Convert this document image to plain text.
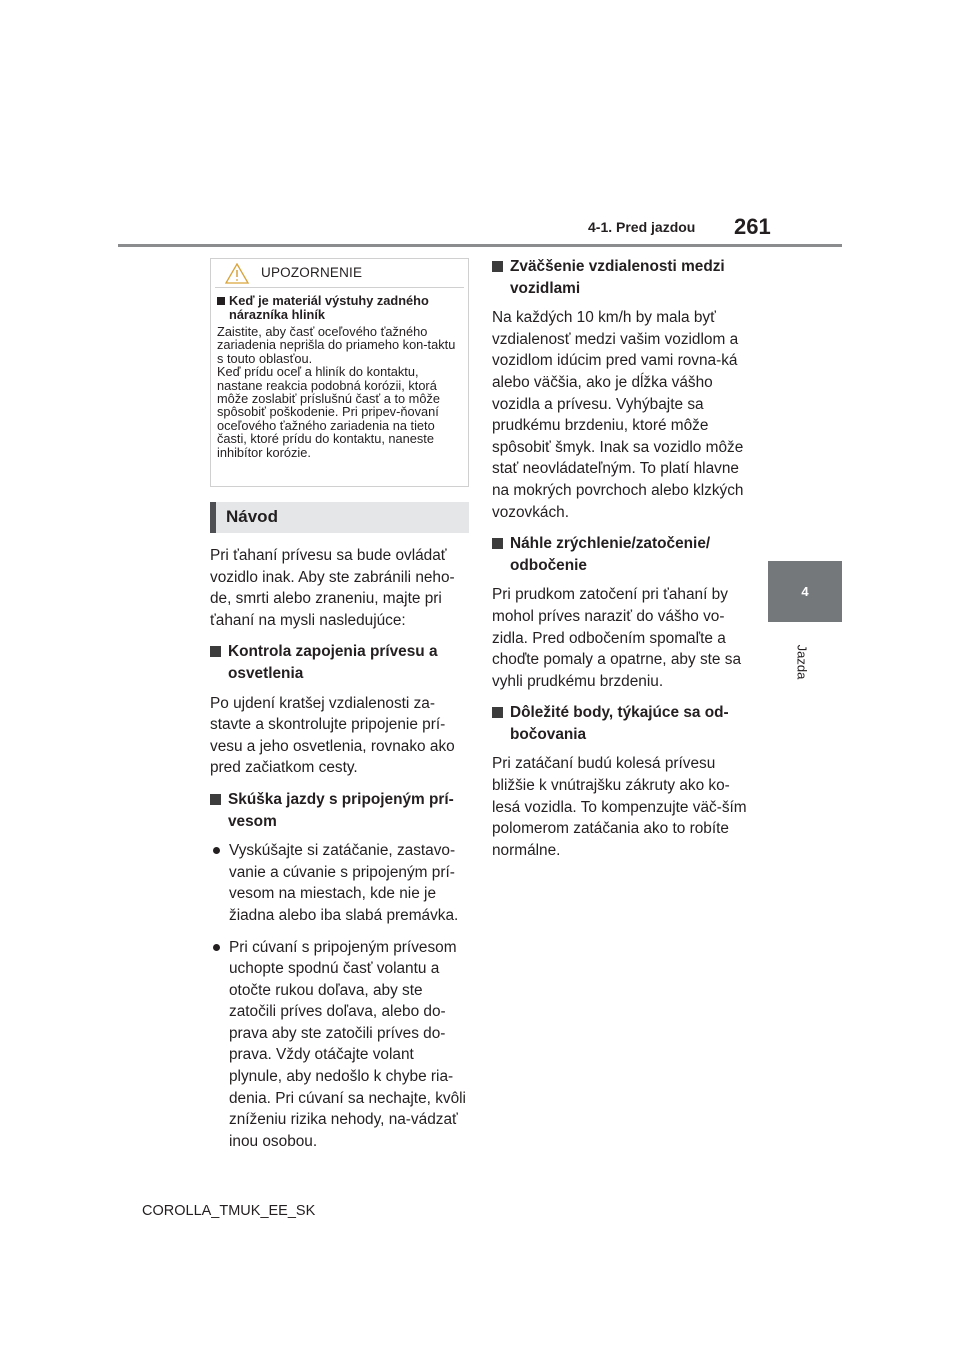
4-1. Pred jazdou 261
4
Jazda
UPOZORNENIE
Keď je materiál výstuhy zadného nárazníka hliník
Zaistite, aby časť oceľového ťažného zariadenia neprišla do priameho kon-taktu s touto oblasťou.
Keď prídu oceľ a hliník do kontaktu, nastane reakcia podobná korózii, ktorá môže zoslabiť príslušnú časť a to môže spôsobiť poškodenie. Pri pripev-ňovaní oceľového ťažného zariadenia na tieto časti, ktoré prídu do kontaktu, naneste inhibítor korózie.
Návod

Pri ťahaní prívesu sa bude ovládať vozidlo inak. Aby ste zabránili neho-de, smrti alebo zraneniu, majte pri ťahaní na mysli nasledujúce:

Kontrola zapojenia prívesu a osvetlenia

Po ujdení kratšej vzdialenosti za-stavte a skontrolujte pripojenie prí-vesu a jeho osvetlenia, rovnako ako pred začiatkom cesty.

Skúška jazdy s pripojeným prí-vesom
Vyskúšajte si zatáčanie, zastavo-vanie a cúvanie s pripojeným prí-vesom na miestach, kde nie je žiadna alebo iba slabá premávka.
Pri cúvaní s pripojeným prívesom uchopte spodnú časť volantu a otočte rukou doľava, aby ste zatočili príves doľava, alebo do-prava aby ste zatočili príves do-prava. Vždy otáčajte volant plynule, aby nedošlo k chybe ria-denia. Pri cúvaní sa nechajte, kvôli zníženiu rizika nehody, na-vádzať inou osobou.
Zväčšenie vzdialenosti medzi vozidlami

Na každých 10 km/h by mala byť vzdialenosť medzi vašim vozidlom a vozidlom idúcim pred vami rovna-ká alebo väčšia, ako je dĺžka vášho vozidla a prívesu. Vyhýbajte sa prudkému brzdeniu, ktoré môže spôsobiť šmyk. Inak sa vozidlo môže stať neovládateľným. To platí hlavne na mokrých povrchoch alebo klzkých vozovkách.

Náhle zrýchlenie/zatočenie/ odbočenie

Pri prudkom zatočení pri ťahaní by mohol príves naraziť do vášho vo-zidla. Pred odbočením spomaľte a choďte pomaly a opatrne, aby ste sa vyhli prudkému brzdeniu.

Dôležité body, týkajúce sa od-bočovania

Pri zatáčaní budú kolesá prívesu bližšie k vnútrajšku zákruty ako ko-lesá vozidla. To kompenzujte väč-ším polomerom zatáčania ako to robíte normálne.

COROLLA_TMUK_EE_SK
